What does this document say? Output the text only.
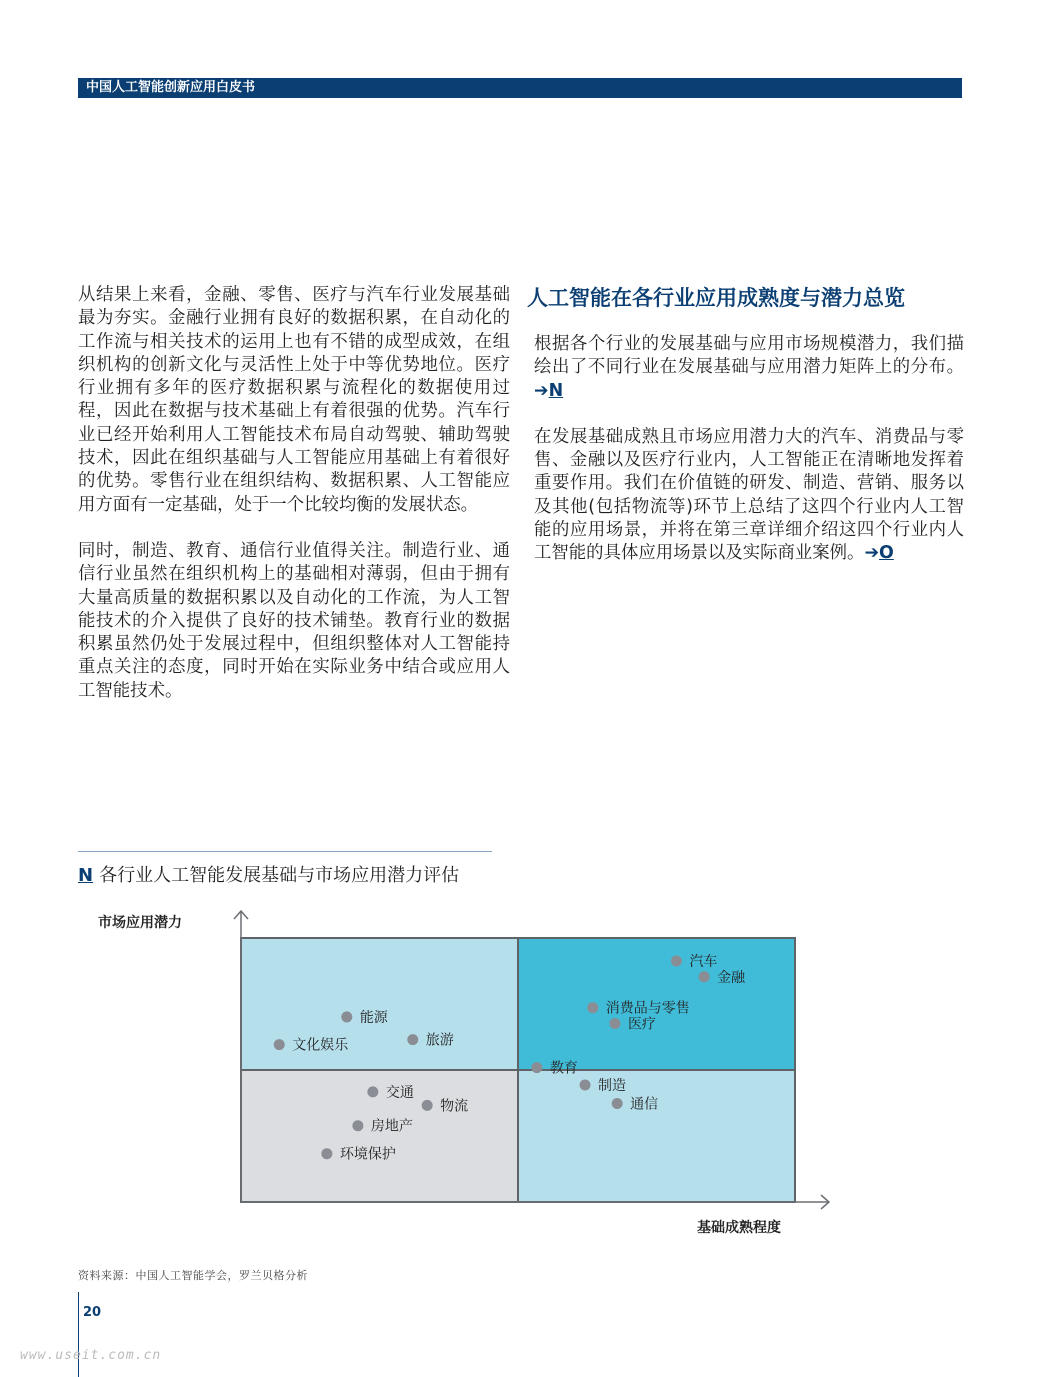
中国人工智能创新应用白皮书

从结果上来看，金融、零售、医疗与汽车行业发展基础最为夯实。金融行业拥有良好的数据积累，在自动化的工作流与相关技术的运用上也有不错的成型成效，在组织机构的创新文化与灵活性上处于中等优势地位。医疗行业拥有多年的医疗数据积累与流程化的数据使用过程，因此在数据与技术基础上有着很强的优势。汽车行业已经开始利用人工智能技术布局自动驾驶、辅助驾驶技术，因此在组织基础与人工智能应用基础上有着很好的优势。零售行业在组织结构、数据积累、人工智能应用方面有一定基础，处于一个比较均衡的发展状态。

同时，制造、教育、通信行业值得关注。制造行业、通信行业虽然在组织机构上的基础相对薄弱，但由于拥有大量高质量的数据积累以及自动化的工作流，为人工智能技术的介入提供了良好的技术铺垫。教育行业的数据积累虽然仍处于发展过程中，但组织整体对人工智能持重点关注的态度，同时开始在实际业务中结合或应用人工智能技术。

人工智能在各行业应用成熟度与潜力总览

根据各个行业的发展基础与应用市场规模潜力，我们描绘出了不同行业在发展基础与应用潜力矩阵上的分布。➔N

在发展基础成熟且市场应用潜力大的汽车、消费品与零售、金融以及医疗行业内，人工智能正在清晰地发挥着重要作用。我们在价值链的研发、制造、营销、服务以及其他(包括物流等)环节上总结了这四个行业内人工智能的应用场景，并将在第三章详细介绍这四个行业内人工智能的具体应用场景以及实际商业案例。➔O

N 各行业人工智能发展基础与市场应用潜力评估
市场应用潜力
基础成熟程度
汽车
金融
消费品与零售
医疗
能源
旅游
文化娱乐
教育
制造
通信
交通
物流
房地产
环境保护
资料来源：中国人工智能学会，罗兰贝格分析
20
www.useit.com.cn
